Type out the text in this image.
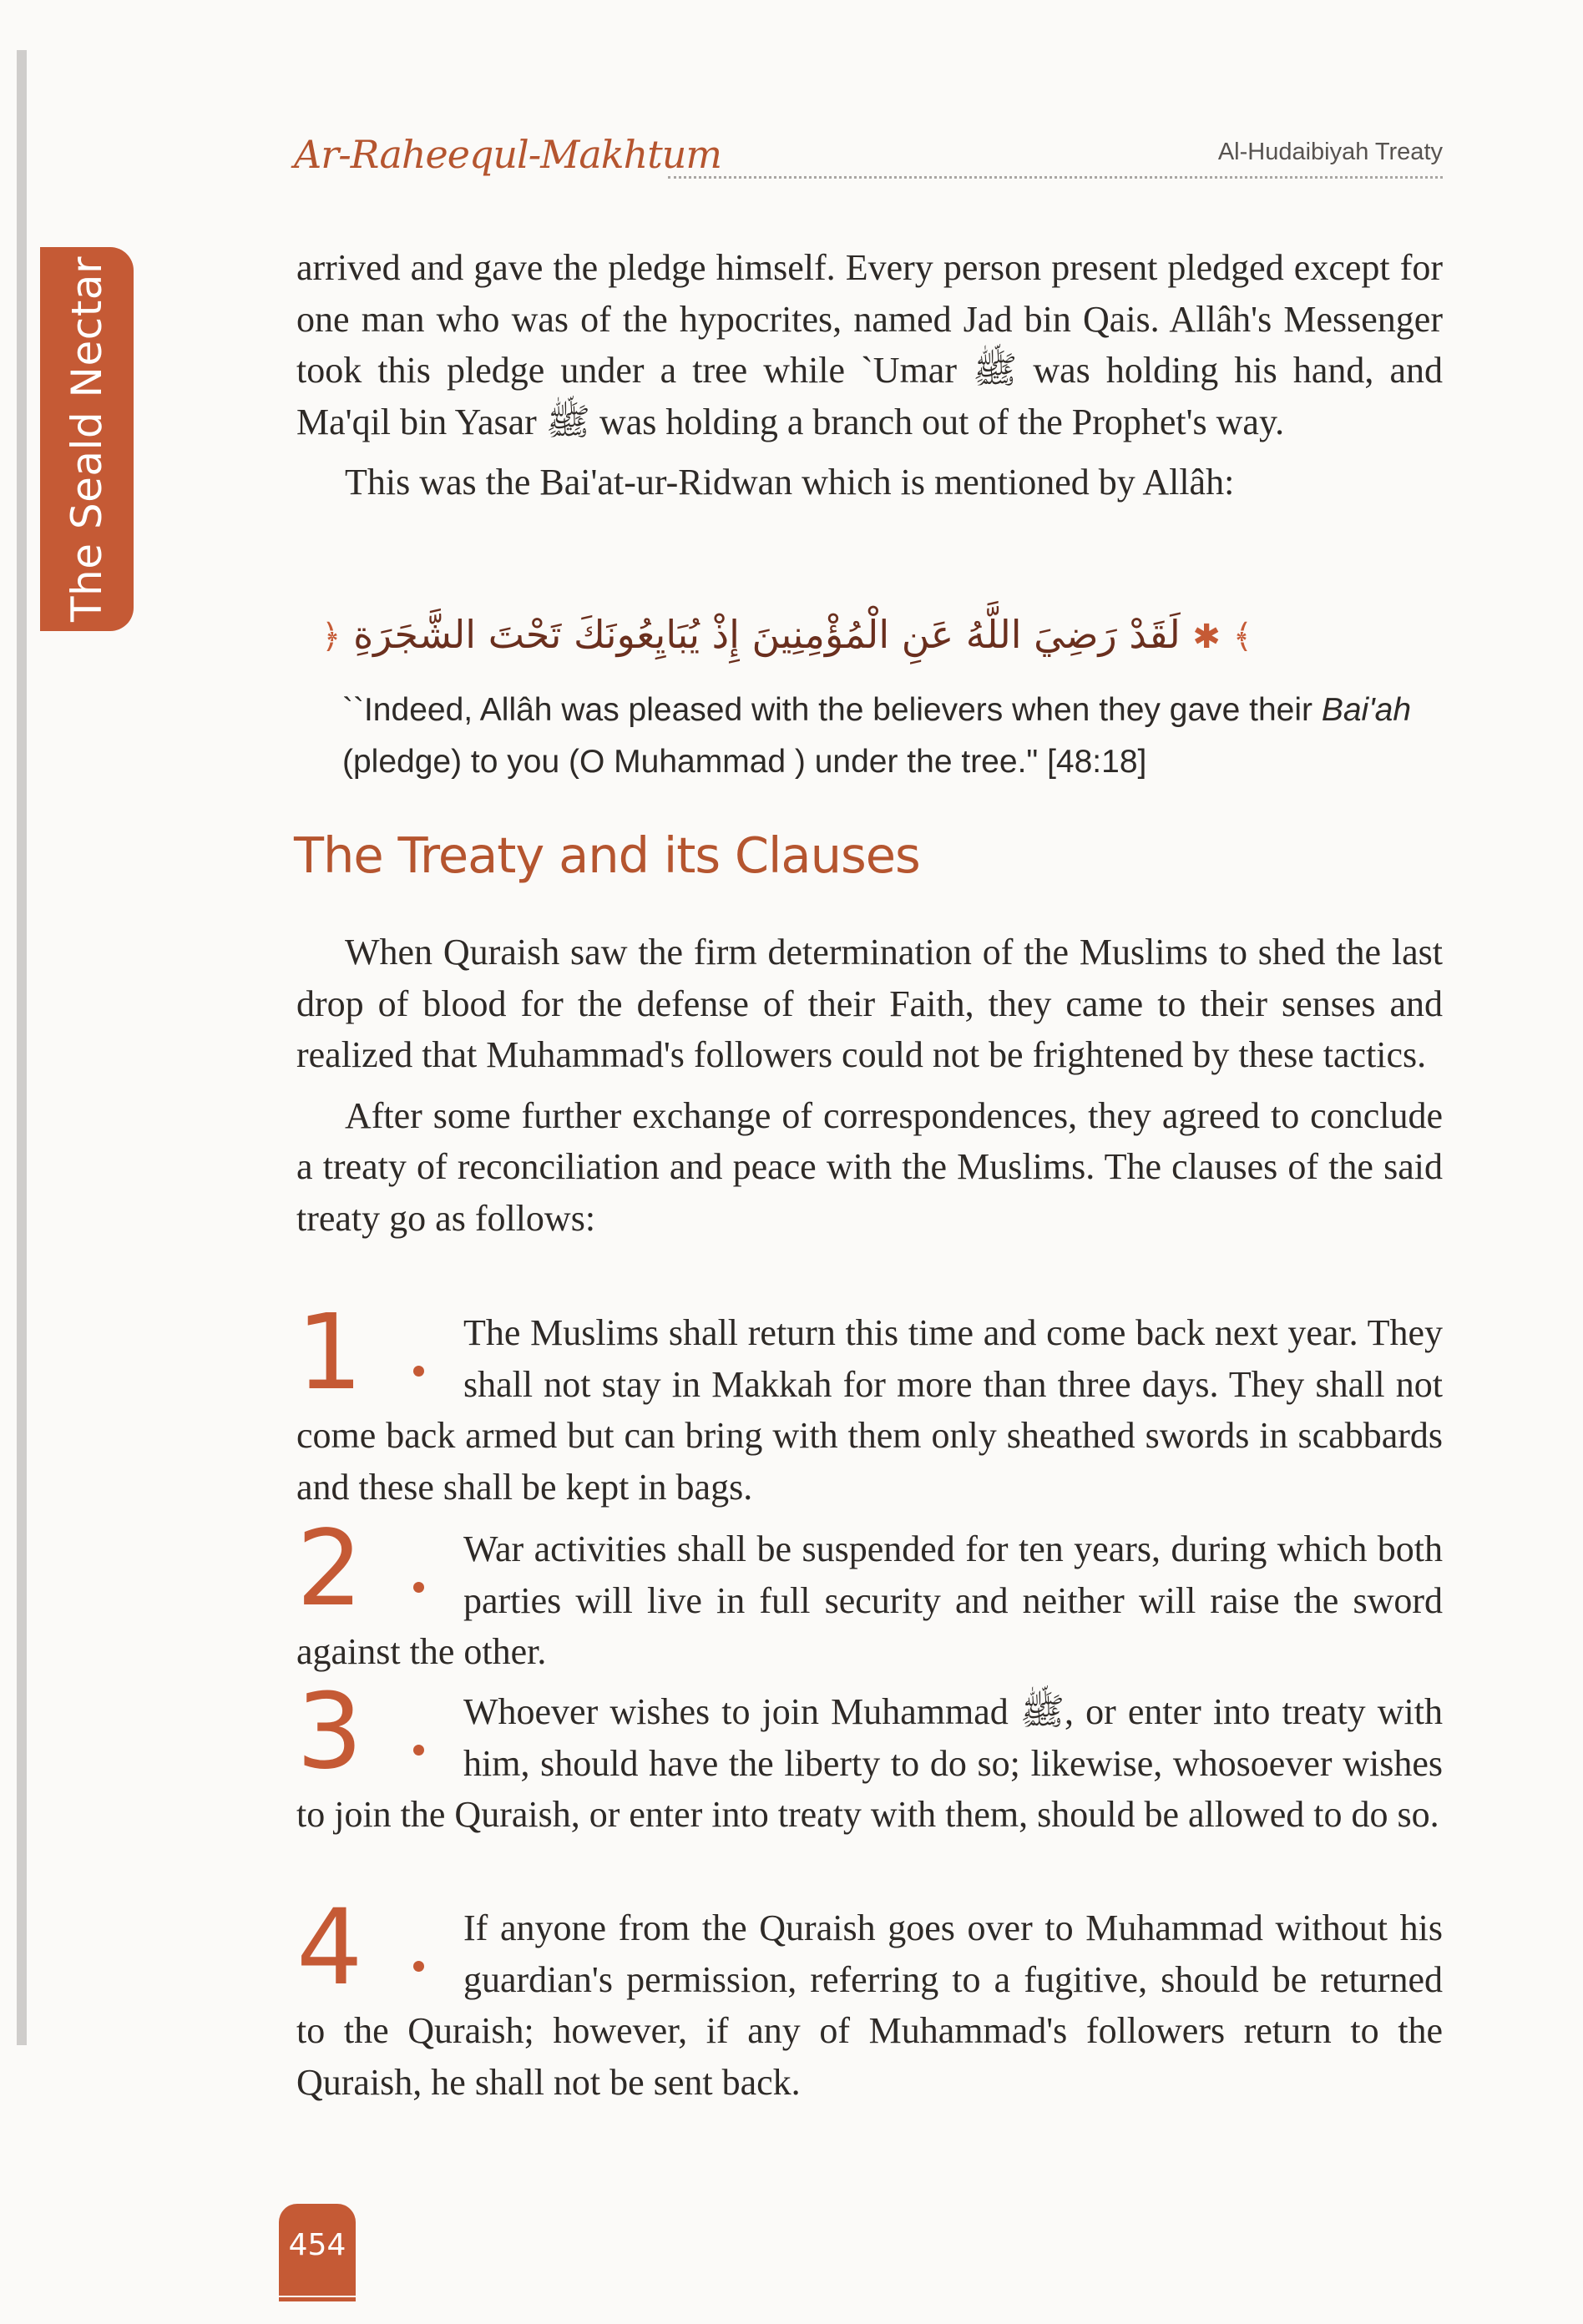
The Seald Nectar
Ar-Raheequl-Makhtum	Al-Hudaibiyah Treaty

arrived and gave the pledge himself. Every person present pledged except for one man who was of the hypocrites, named Jad bin Qais. Allâh's Messenger took this pledge under a tree while `Umar ﷺ was holding his hand, and Ma'qil bin Yasar ﷺ was holding a branch out of the Prophet's way.

This was the Bai'at-ur-Ridwan which is mentioned by Allâh:

﴾ ✱ لَقَدْ رَضِيَ اللَّهُ عَنِ الْمُؤْمِنِينَ إِذْ يُبَايِعُونَكَ تَحْتَ الشَّجَرَةِ ﴿
``Indeed, Allâh was pleased with the believers when they gave their Bai'ah (pledge) to you (O Muhammad ) under the tree." [48:18]
The Treaty and its Clauses

When Quraish saw the firm determination of the Muslims to shed the last drop of blood for the defense of their Faith, they came to their senses and realized that Muhammad's followers could not be frightened by these tactics.

After some further exchange of correspondences, they agreed to conclude a treaty of reconciliation and peace with the Muslims. The clauses of the said treaty go as follows:

1	The Muslims shall return this time and come back next year. They shall not stay in Makkah for more than three days. They shall not come back armed but can bring with them only sheathed swords in scabbards and these shall be kept in bags.

2	War activities shall be suspended for ten years, during which both parties will live in full security and neither will raise the sword against the other.

3	Whoever wishes to join Muhammad ﷺ, or enter into treaty with him, should have the liberty to do so; likewise, whosoever wishes to join the Quraish, or enter into treaty with them, should be allowed to do so.

4	If anyone from the Quraish goes over to Muhammad without his guardian's permission, referring to a fugitive, should be returned to the Quraish; however, if any of Muhammad's followers return to the Quraish, he shall not be sent back.

454
